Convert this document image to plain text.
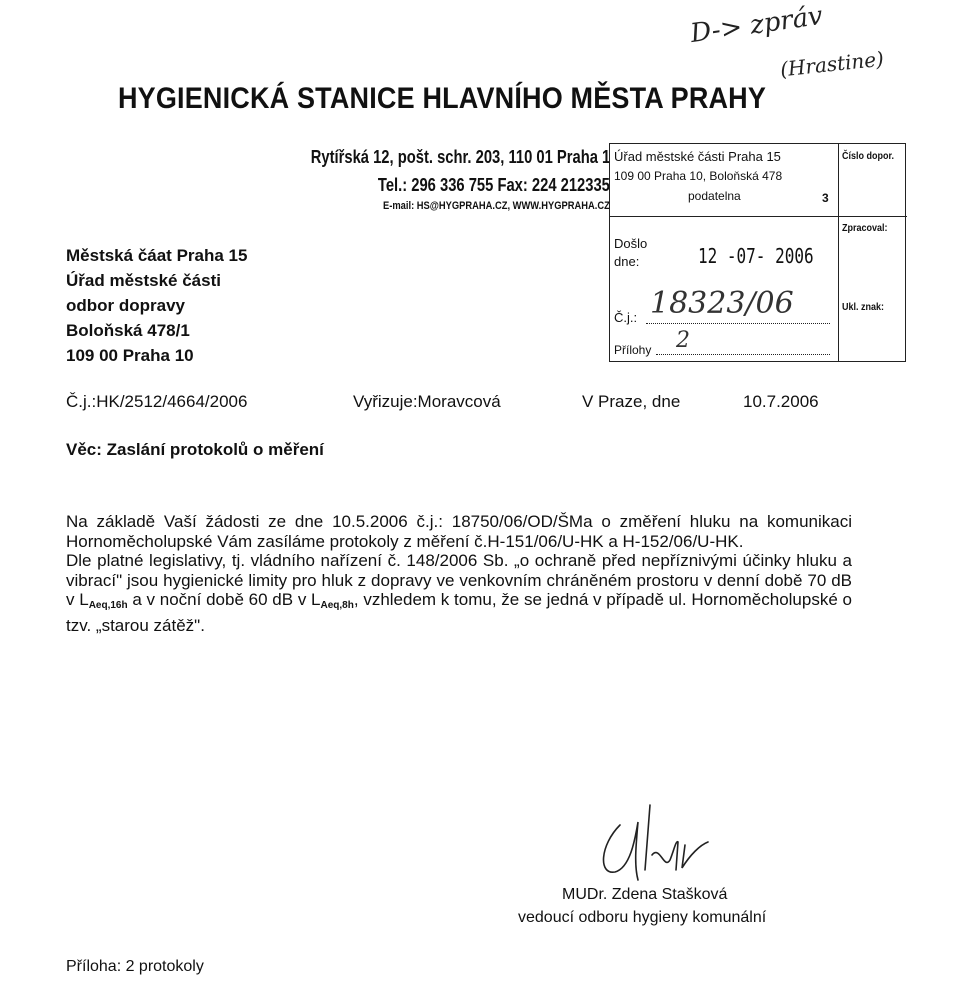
D-> zpráv
(Hrastine)
HYGIENICKÁ STANICE HLAVNÍHO MĚSTA PRAHY
Rytířská 12, pošt. schr. 203, 110 01 Praha 1
Tel.: 296 336 755 Fax: 224 212335
E-mail: HS@HYGPRAHA.CZ, WWW.HYGPRAHA.CZ
Úřad městské části Praha 15
109 00 Praha 10, Boloňská 478
podatelna	3
Došlo
dne:	12 -07- 2006
Č.j.: 18323/06
Přílohy 2
Číslo dopor.
Zpracoval:
Ukl. znak:
Městská čáat Praha 15
Úřad městské části
odbor dopravy
Boloňská 478/1
109 00 Praha 10
Č.j.:HK/2512/4664/2006	Vyřizuje:Moravcová	V Praze, dne	10.7.2006
Věc: Zaslání protokolů o měření

Na základě Vaší žádosti ze dne 10.5.2006 č.j.: 18750/06/OD/ŠMa o změření hluku na komunikaci Hornoměcholupské Vám zasíláme protokoly z měření č.H-151/06/U-HK a H-152/06/U-HK.

Dle platné legislativy, tj. vládního nařízení č. 148/2006 Sb. „o ochraně před nepříznivými účinky hluku a vibrací" jsou hygienické limity pro hluk z dopravy ve venkovním chráněném prostoru v denní době 70 dB v $L_{Aeq,16h}$ a v noční době 60 dB v $L_{Aeq,8h}$, vzhledem k tomu, že se jedná v případě ul. Hornoměcholupské o tzv. „starou zátěž".

MUDr. Zdena Stašková
vedoucí odboru hygieny komunální
Příloha: 2 protokoly
